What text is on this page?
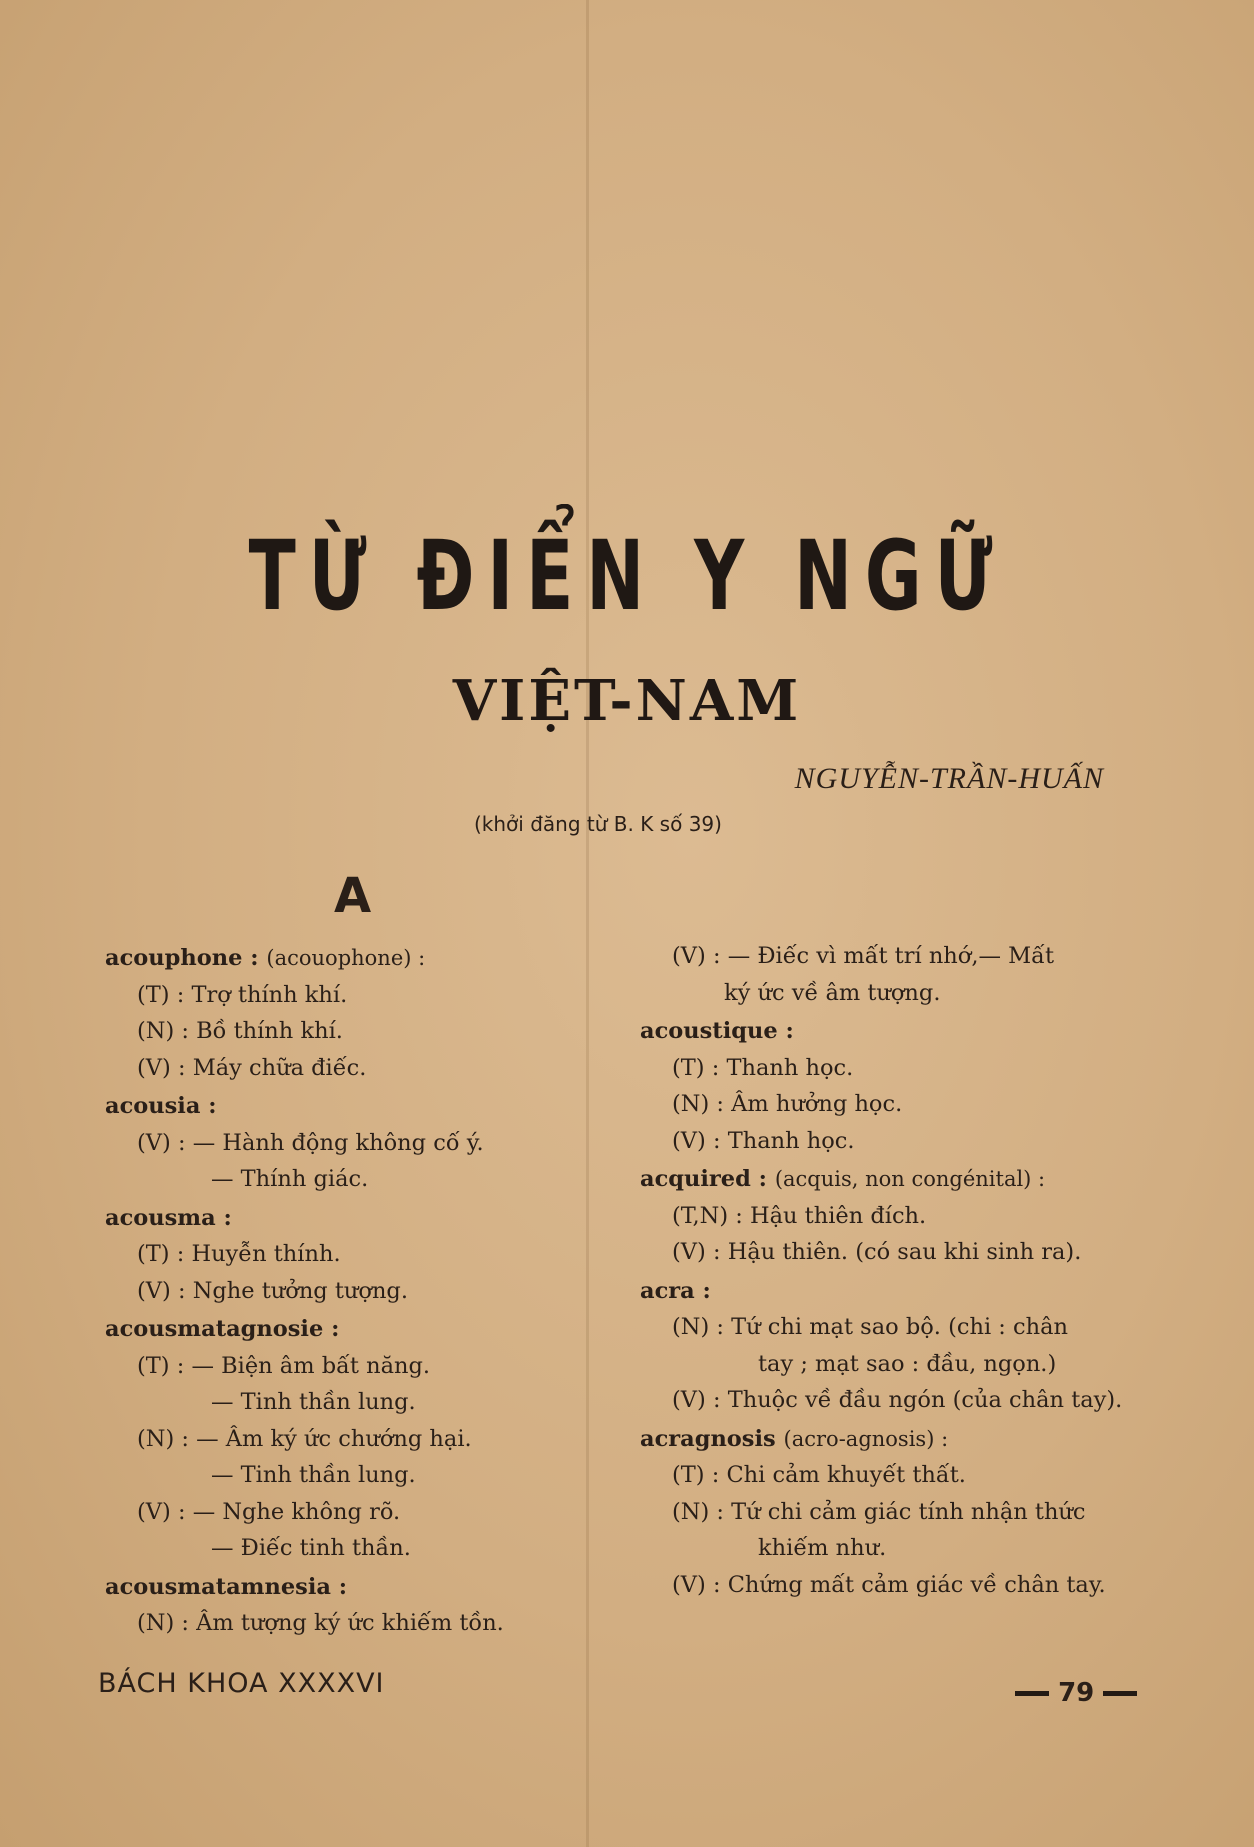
TỪ ĐIỂN Y NGỮ
VIỆT-NAM
NGUYỄN-TRẦN-HUẤN
(khởi đăng từ B. K số 39)
A
acouphone : (acouophone) :
(T) : Trợ thính khí.
(N) : Bồ thính khí.
(V) : Máy chữa điếc.
acousia :
(V) : — Hành động không cố ý.
— Thính giác.
acousma :
(T) : Huyễn thính.
(V) : Nghe tưởng tượng.
acousmatagnosie :
(T) : — Biện âm bất năng.
— Tinh thần lung.
(N) : — Âm ký ức chướng hại.
— Tinh thần lung.
(V) : — Nghe không rõ.
— Điếc tinh thần.
acousmatamnesia :
(N) : Âm tượng ký ức khiếm tồn.
(V) : — Điếc vì mất trí nhớ,— Mất
ký ức về âm tượng.
acoustique :
(T) : Thanh học.
(N) : Âm hưởng học.
(V) : Thanh học.
acquired : (acquis, non congénital) :
(T,N) : Hậu thiên đích.
(V) : Hậu thiên. (có sau khi sinh ra).
acra :
(N) : Tứ chi mạt sao bộ. (chi : chân
tay ; mạt sao : đầu, ngọn.)
(V) : Thuộc về đầu ngón (của chân tay).
acragnosis (acro-agnosis) :
(T) : Chi cảm khuyết thất.
(N) : Tứ chi cảm giác tính nhận thức
khiếm như.
(V) : Chứng mất cảm giác về chân tay.
BÁCH KHOA XXXXVI	79
